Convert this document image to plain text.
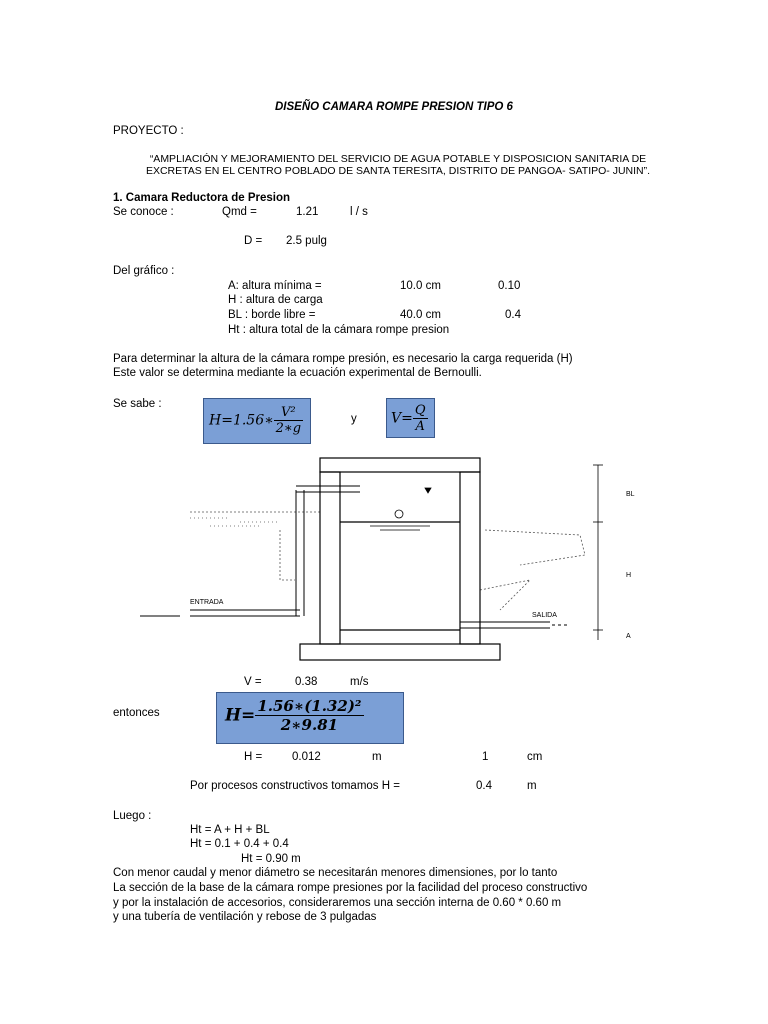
DISEÑO CAMARA ROMPE PRESION TIPO 6
PROYECTO :
“AMPLIACIÓN Y MEJORAMIENTO DEL SERVICIO DE AGUA POTABLE Y DISPOSICION SANITARIA DE
EXCRETAS EN EL CENTRO POBLADO DE SANTA TERESITA, DISTRITO DE PANGOA- SATIPO- JUNIN”.
1. Camara Reductora de Presion
Se conoce :	Qmd =	1.21	l / s
D = 2.5 pulg
Del gráfico :
A: altura mínima =	10.0 cm	0.10
H : altura de carga
BL : borde libre =	40.0 cm	0.4
Ht : altura total de la cámara rompe presion
Para determinar la altura de la cámara rompe presión, es necesario la carga requerida (H)
Este valor se determina mediante la ecuación experimental de Bernoulli.
Se sabe :
H=1.56∗ $\frac{\text{V²}}{2∗g}$	y $V= \frac{Q}{A}$
ENTRADA
SALIDA
BL
H
A
V =	0.38	m/s
entonces	$H= \frac{\text{1.56∗(1.32)²}}{2∗9.81}$
H =	0.012	m	1	cm
Por procesos constructivos tomamos H =	0.4	m
Luego :
Ht = A + H + BL
Ht = 0.1 + 0.4 + 0.4
Ht = 0.90 m
Con menor caudal y menor diámetro se necesitarán menores dimensiones, por lo tanto
La sección de la base de la cámara rompe presiones por la facilidad del proceso constructivo
y por la instalación de accesorios, consideraremos una sección interna de 0.60 * 0.60 m
y una tubería de ventilación y rebose de 3 pulgadas
